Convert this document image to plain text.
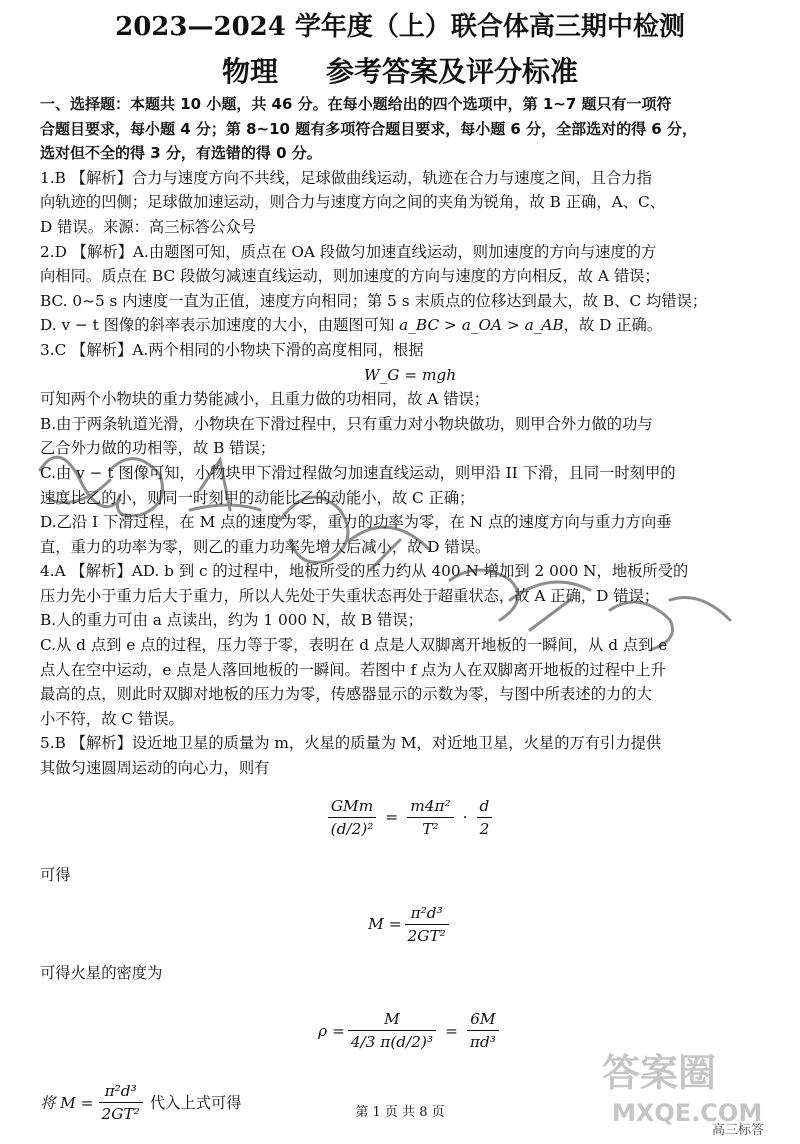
2023—2024 学年度（上）联合体高三期中检测
物理 参考答案及评分标准
一、选择题：本题共 10 小题，共 46 分。在每小题给出的四个选项中，第 1~7 题只有一项符
合题目要求，每小题 4 分；第 8~10 题有多项符合题目要求，每小题 6 分，全部选对的得 6 分，
选对但不全的得 3 分，有选错的得 0 分。
1.B 【解析】合力与速度方向不共线，足球做曲线运动，轨迹在合力与速度之间，且合力指
向轨迹的凹侧；足球做加速运动，则合力与速度方向之间的夹角为锐角，故 B 正确，A、C、
D 错误。来源：高三标答公众号
2.D 【解析】A.由题图可知，质点在 OA 段做匀加速直线运动，则加速度的方向与速度的方
向相同。质点在 BC 段做匀减速直线运动，则加速度的方向与速度的方向相反，故 A 错误；
BC. 0~5 s 内速度一直为正值，速度方向相同；第 5 s 末质点的位移达到最大，故 B、C 均错误；
D. v − t 图像的斜率表示加速度的大小，由题图可知 a_BC > a_OA > a_AB，故 D 正确。
3.C 【解析】A.两个相同的小物块下滑的高度相同，根据
W_G = mgh
可知两个小物块的重力势能减小，且重力做的功相同，故 A 错误；
B.由于两条轨道光滑，小物块在下滑过程中，只有重力对小物块做功，则甲合外力做的功与
乙合外力做的功相等，故 B 错误；
C.由 v − t 图像可知，小物块甲下滑过程做匀加速直线运动，则甲沿 II 下滑，且同一时刻甲的
速度比乙的小，则同一时刻甲的动能比乙的动能小，故 C 正确；
D.乙沿 I 下滑过程，在 M 点的速度为零，重力的功率为零，在 N 点的速度方向与重力方向垂
直，重力的功率为零，则乙的重力功率先增大后减小，故 D 错误。
4.A 【解析】AD. b 到 c 的过程中，地板所受的压力约从 400 N 增加到 2 000 N，地板所受的
压力先小于重力后大于重力，所以人先处于失重状态再处于超重状态，故 A 正确，D 错误；
B.人的重力可由 a 点读出，约为 1 000 N，故 B 错误；
C.从 d 点到 e 点的过程，压力等于零，表明在 d 点是人双脚离开地板的一瞬间，从 d 点到 e
点人在空中运动，e 点是人落回地板的一瞬间。若图中 f 点为人在双脚离开地板的过程中上升
最高的点，则此时双脚对地板的压力为零，传感器显示的示数为零，与图中所表述的力的大
小不符，故 C 错误。
5.B 【解析】设近地卫星的质量为 m，火星的质量为 M，对近地卫星，火星的万有引力提供
其做匀速圆周运动的向心力，则有
$\frac{\text{GMm}}{\text{(d/2)²}} = \frac{\text{m4π²}}{\text{T²}} \cdot \frac{d}{2}$
可得
$M = \frac{\text{π²d³}}{\text{2GT²}}$
可得火星的密度为
$\rho = \frac{M}{\text{4/3 π(d/2)³}} = \frac{6M}{\text{πd³}}$
将 $M = \frac{\text{π²d³}}{\text{2GT²}}$ 代入上式可得
答案圈
MXQE.COM
高三标答
第 1 页 共 8 页
